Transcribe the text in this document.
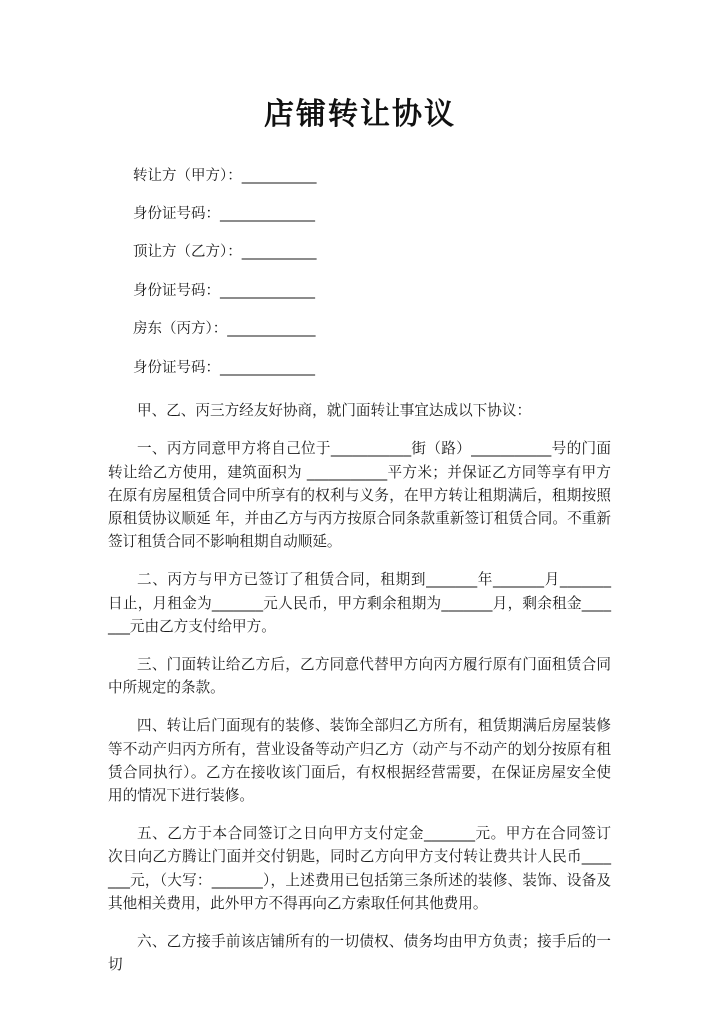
店铺转让协议
转让方（甲方）：___________
身份证号码：______________
顶让方（乙方）：___________
身份证号码：______________
房东（丙方）：_____________
身份证号码：______________

甲、乙、丙三方经友好协商，就门面转让事宜达成以下协议：

一、丙方同意甲方将自己位于___________街（路）___________号的门面转让给乙方使用，建筑面积为 ___________平方米；并保证乙方同等享有甲方在原有房屋租赁合同中所享有的权利与义务，在甲方转让租期满后，租期按照原租赁协议顺延 年，并由乙方与丙方按原合同条款重新签订租赁合同。不重新签订租赁合同不影响租期自动顺延。

二、丙方与甲方已签订了租赁合同，租期到_______年_______月_______日止，月租金为_______元人民币，甲方剩余租期为_______月，剩余租金_______元由乙方支付给甲方。

三、门面转让给乙方后，乙方同意代替甲方向丙方履行原有门面租赁合同中所规定的条款。

四、转让后门面现有的装修、装饰全部归乙方所有，租赁期满后房屋装修等不动产归丙方所有，营业设备等动产归乙方（动产与不动产的划分按原有租赁合同执行）。乙方在接收该门面后，有权根据经营需要，在保证房屋安全使用的情况下进行装修。

五、乙方于本合同签订之日向甲方支付定金_______元。甲方在合同签订次日向乙方腾让门面并交付钥匙，同时乙方向甲方支付转让费共计人民币_______元，（大写：_______），上述费用已包括第三条所述的装修、装饰、设备及其他相关费用，此外甲方不得再向乙方索取任何其他费用。

六、乙方接手前该店铺所有的一切债权、债务均由甲方负责；接手后的一切
